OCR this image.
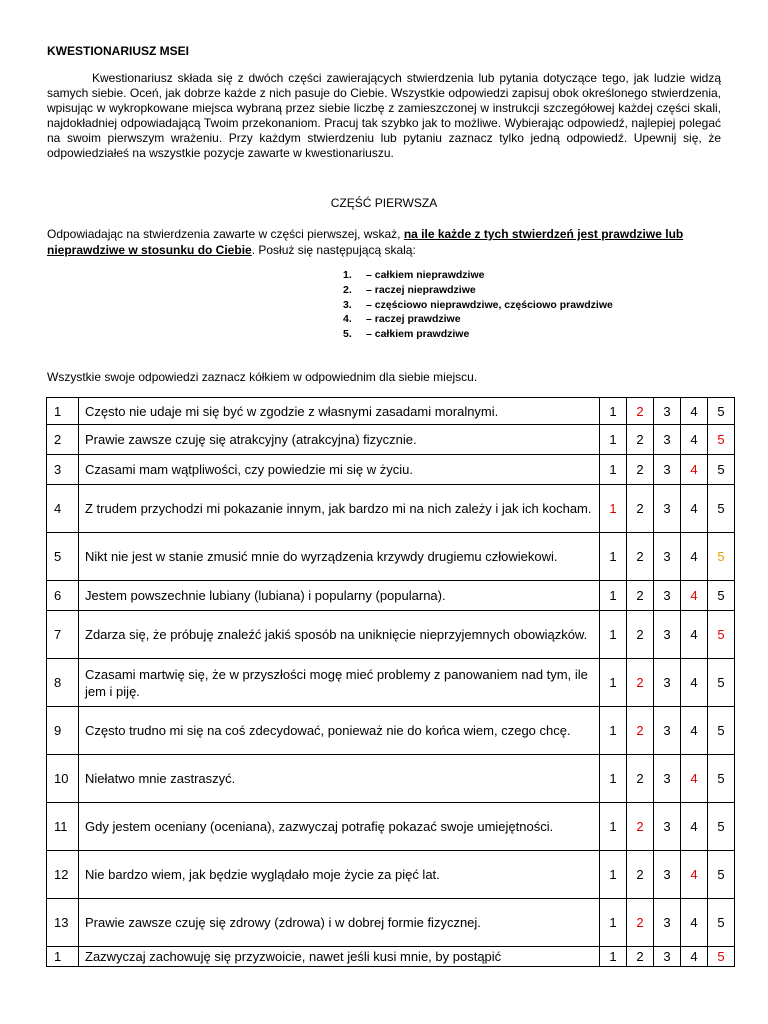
KWESTIONARIUSZ MSEI

Kwestionariusz składa się z dwóch części zawierających stwierdzenia lub pytania dotyczące tego, jak ludzie widzą samych siebie. Oceń, jak dobrze każde z nich pasuje do Ciebie. Wszystkie odpowiedzi zapisuj obok określonego stwierdzenia, wpisując w wykropkowane miejsca wybraną przez siebie liczbę z zamieszczonej w instrukcji szczegółowej każdej części skali, najdokładniej odpowiadającą Twoim przekonaniom. Pracuj tak szybko jak to możliwe. Wybierając odpowiedź, najlepiej polegać na swoim pierwszym wrażeniu. Przy każdym stwierdzeniu lub pytaniu zaznacz tylko jedną odpowiedź. Upewnij się, że odpowiedziałeś na wszystkie pozycje zawarte w kwestionariuszu.

CZĘŚĆ PIERWSZA

Odpowiadając na stwierdzenia zawarte w części pierwszej, wskaż, na ile każde z tych stwierdzeń jest prawdziwe lub nieprawdziwe w stosunku do Ciebie. Posłuż się następującą skalą:

1. – całkiem nieprawdziwe
2. – raczej nieprawdziwe
3. – częściowo nieprawdziwe, częściowo prawdziwe
4. – raczej prawdziwe
5. – całkiem prawdziwe
Wszystkie swoje odpowiedzi zaznacz kółkiem w odpowiednim dla siebie miejscu.
1	Często nie udaje mi się być w zgodzie z własnymi zasadami moralnymi.	1	2	3	4	5
2	Prawie zawsze czuję się atrakcyjny (atrakcyjna) fizycznie.	1	2	3	4	5
3	Czasami mam wątpliwości, czy powiedzie mi się w życiu.	1	2	3	4	5
4	Z trudem przychodzi mi pokazanie innym, jak bardzo mi na nich zależy i jak ich kocham.	1	2	3	4	5
5	Nikt nie jest w stanie zmusić mnie do wyrządzenia krzywdy drugiemu człowiekowi.	1	2	3	4	5
6	Jestem powszechnie lubiany (lubiana) i popularny (popularna).	1	2	3	4	5
7	Zdarza się, że próbuję znaleźć jakiś sposób na uniknięcie nieprzyjemnych obowiązków.	1	2	3	4	5
8	Czasami martwię się, że w przyszłości mogę mieć problemy z panowaniem nad tym, ile jem i piję.	1	2	3	4	5
9	Często trudno mi się na coś zdecydować, ponieważ nie do końca wiem, czego chcę.	1	2	3	4	5
10	Niełatwo mnie zastraszyć.	1	2	3	4	5
11	Gdy jestem oceniany (oceniana), zazwyczaj potrafię pokazać swoje umiejętności.	1	2	3	4	5
12	Nie bardzo wiem, jak będzie wyglądało moje życie za pięć lat.	1	2	3	4	5
13	Prawie zawsze czuję się zdrowy (zdrowa) i w dobrej formie fizycznej.	1	2	3	4	5
1	Zazwyczaj zachowuję się przyzwoicie, nawet jeśli kusi mnie, by postąpić	1	2	3	4	5
